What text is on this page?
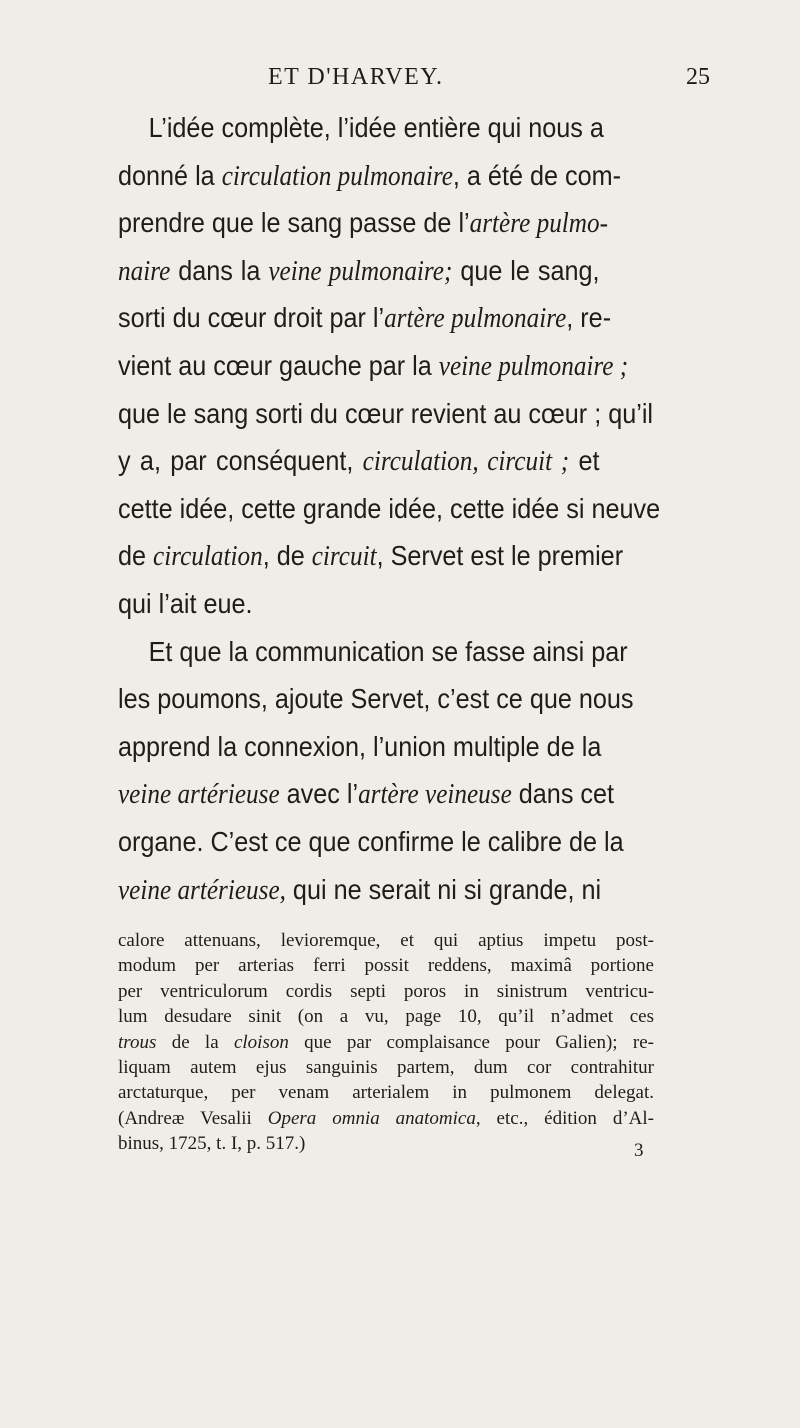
ET D'HARVEY.	25
L’idée complète, l’idée entière qui nous a
donné la circulation pulmonaire, a été de com-
prendre que le sang passe de l’artère pulmo-
naire dans la veine pulmonaire; que le sang,
sorti du cœur droit par l’artère pulmonaire, re-
vient au cœur gauche par la veine pulmonaire ;
que le sang sorti du cœur revient au cœur ; qu’il
y a, par conséquent, circulation, circuit ; et
cette idée, cette grande idée, cette idée si neuve
de circulation, de circuit, Servet est le premier
qui l’ait eue.
Et que la communication se fasse ainsi par
les poumons, ajoute Servet, c’est ce que nous
apprend la connexion, l’union multiple de la
veine artérieuse avec l’artère veineuse dans cet
organe. C’est ce que confirme le calibre de la
veine artérieuse, qui ne serait ni si grande, ni
calore attenuans, levioremque, et qui aptius impetu post-
modum per arterias ferri possit reddens, maximâ portione
per ventriculorum cordis septi poros in sinistrum ventricu-
lum desudare sinit (on a vu, page 10, qu’il n’admet ces
trous de la cloison que par complaisance pour Galien); re-
liquam autem ejus sanguinis partem, dum cor contrahitur
arctaturque, per venam arterialem in pulmonem delegat.
(Andreæ Vesalii Opera omnia anatomica, etc., édition d’Al-
binus, 1725, t. I, p. 517.)	3
